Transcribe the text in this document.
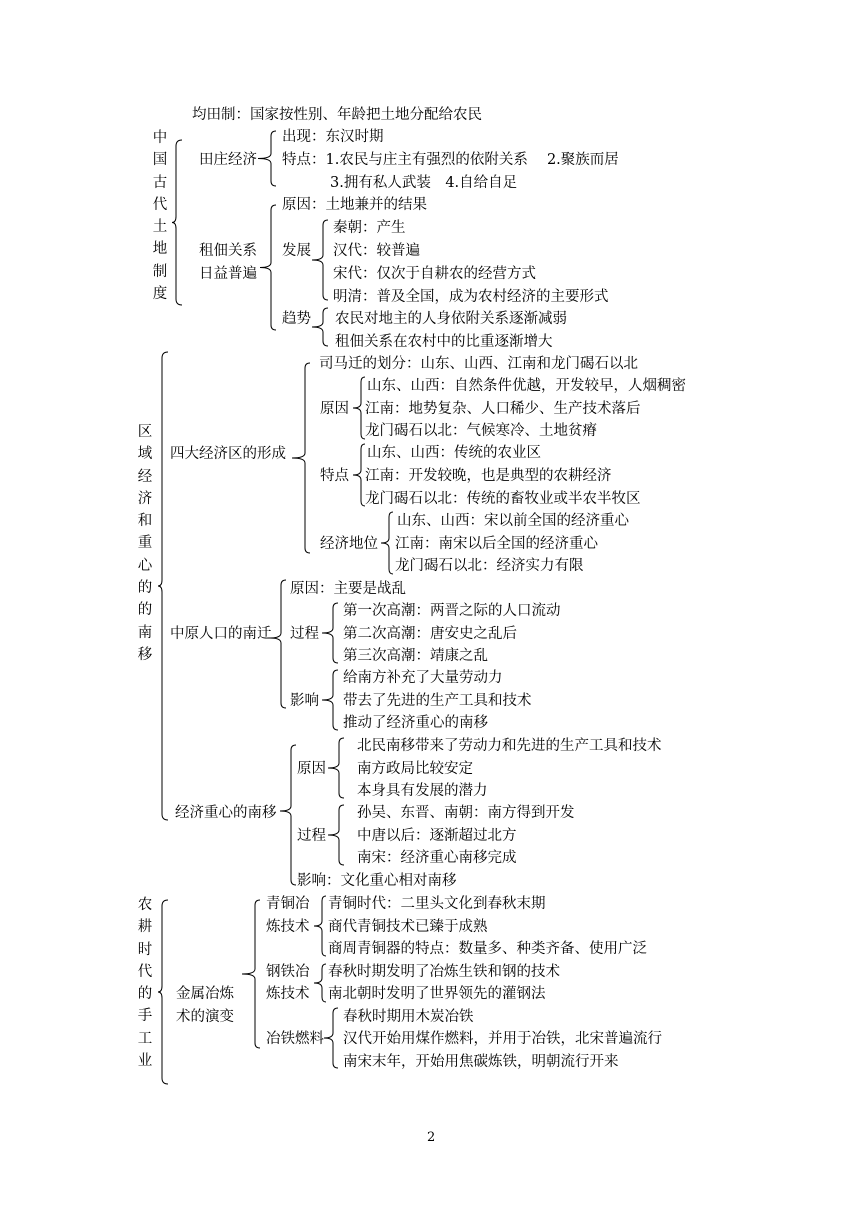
中国古代土地制度
均田制：国家按性别、年龄把土地分配给农民
田庄经济
出现：东汉时期
特点：1.农民与庄主有强烈的依附关系　 2.聚族而居
3.拥有私人武装　4.自给自足
租佃关系
日益普遍
原因：土地兼并的结果
发展
秦朝：产生
汉代：较普遍
宋代：仅次于自耕农的经营方式
明清：普及全国，成为农村经济的主要形式
趋势 农民对地主的人身依附关系逐渐减弱
租佃关系在农村中的比重逐渐增大
区域经济和重心的的南移
四大经济区的形成
司马迁的划分：山东、山西、江南和龙门碣石以北
原因
山东、山西：自然条件优越，开发较早，人烟稠密
江南：地势复杂、人口稀少、生产技术落后
龙门碣石以北：气候寒冷、土地贫瘠
特点
山东、山西：传统的农业区
江南：开发较晚，也是典型的农耕经济
龙门碣石以北：传统的畜牧业或半农半牧区
经济地位
山东、山西：宋以前全国的经济重心
江南：南宋以后全国的经济重心
龙门碣石以北：经济实力有限
中原人口的南迁
原因：主要是战乱
过程
第一次高潮：两晋之际的人口流动
第二次高潮：唐安史之乱后
第三次高潮：靖康之乱
影响
给南方补充了大量劳动力
带去了先进的生产工具和技术
推动了经济重心的南移
经济重心的南移
原因
北民南移带来了劳动力和先进的生产工具和技术
南方政局比较安定
本身具有发展的潜力
过程
孙吴、东晋、南朝：南方得到开发
中唐以后：逐渐超过北方
南宋：经济重心南移完成
影响：文化重心相对南移
农耕时代的手工业
金属冶炼
术的演变
青铜冶
炼技术
青铜时代：二里头文化到春秋末期
商代青铜技术已臻于成熟
商周青铜器的特点：数量多、种类齐备、使用广泛
钢铁冶
炼技术
春秋时期发明了冶炼生铁和钢的技术
南北朝时发明了世界领先的灌钢法
冶铁燃料
春秋时期用木炭冶铁
汉代开始用煤作燃料，并用于冶铁，北宋普遍流行
南宋末年，开始用焦碳炼铁，明朝流行开来
2
